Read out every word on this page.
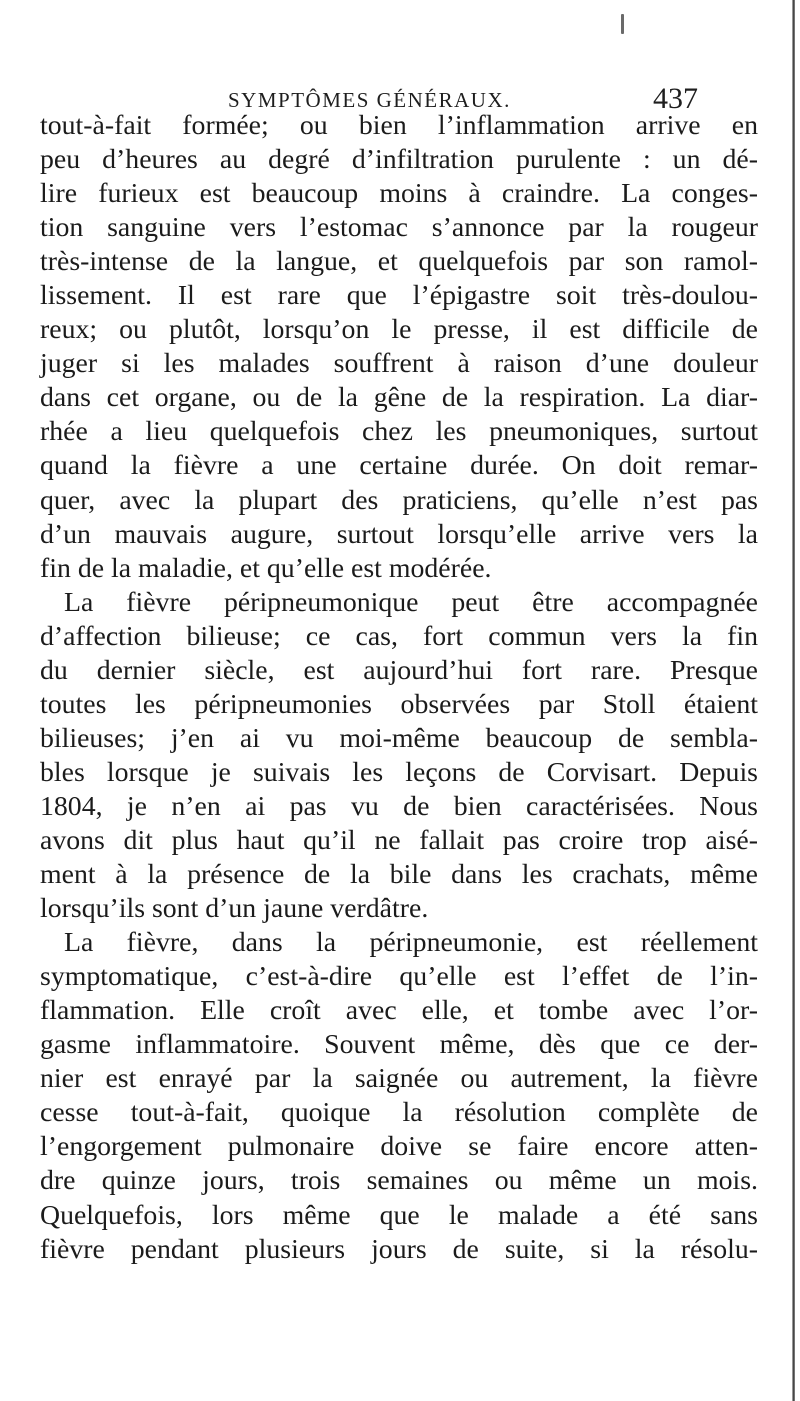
SYMPTÔMES GÉNÉRAUX.	437
tout-à-fait formée; ou bien l’inflammation arrive en
peu d’heures au degré d’infiltration purulente : un dé-
lire furieux est beaucoup moins à craindre. La conges-
tion sanguine vers l’estomac s’annonce par la rougeur
très-intense de la langue, et quelquefois par son ramol-
lissement. Il est rare que l’épigastre soit très-doulou-
reux; ou plutôt, lorsqu’on le presse, il est difficile de
juger si les malades souffrent à raison d’une douleur
dans cet organe, ou de la gêne de la respiration. La diar-
rhée a lieu quelquefois chez les pneumoniques, surtout
quand la fièvre a une certaine durée. On doit remar-
quer, avec la plupart des praticiens, qu’elle n’est pas
d’un mauvais augure, surtout lorsqu’elle arrive vers la
fin de la maladie, et qu’elle est modérée.
La fièvre péripneumonique peut être accompagnée
d’affection bilieuse; ce cas, fort commun vers la fin
du dernier siècle, est aujourd’hui fort rare. Presque
toutes les péripneumonies observées par Stoll étaient
bilieuses; j’en ai vu moi-même beaucoup de sembla-
bles lorsque je suivais les leçons de Corvisart. Depuis
1804, je n’en ai pas vu de bien caractérisées. Nous
avons dit plus haut qu’il ne fallait pas croire trop aisé-
ment à la présence de la bile dans les crachats, même
lorsqu’ils sont d’un jaune verdâtre.
La fièvre, dans la péripneumonie, est réellement
symptomatique, c’est-à-dire qu’elle est l’effet de l’in-
flammation. Elle croît avec elle, et tombe avec l’or-
gasme inflammatoire. Souvent même, dès que ce der-
nier est enrayé par la saignée ou autrement, la fièvre
cesse tout-à-fait, quoique la résolution complète de
l’engorgement pulmonaire doive se faire encore atten-
dre quinze jours, trois semaines ou même un mois.
Quelquefois, lors même que le malade a été sans
fièvre pendant plusieurs jours de suite, si la résolu-
